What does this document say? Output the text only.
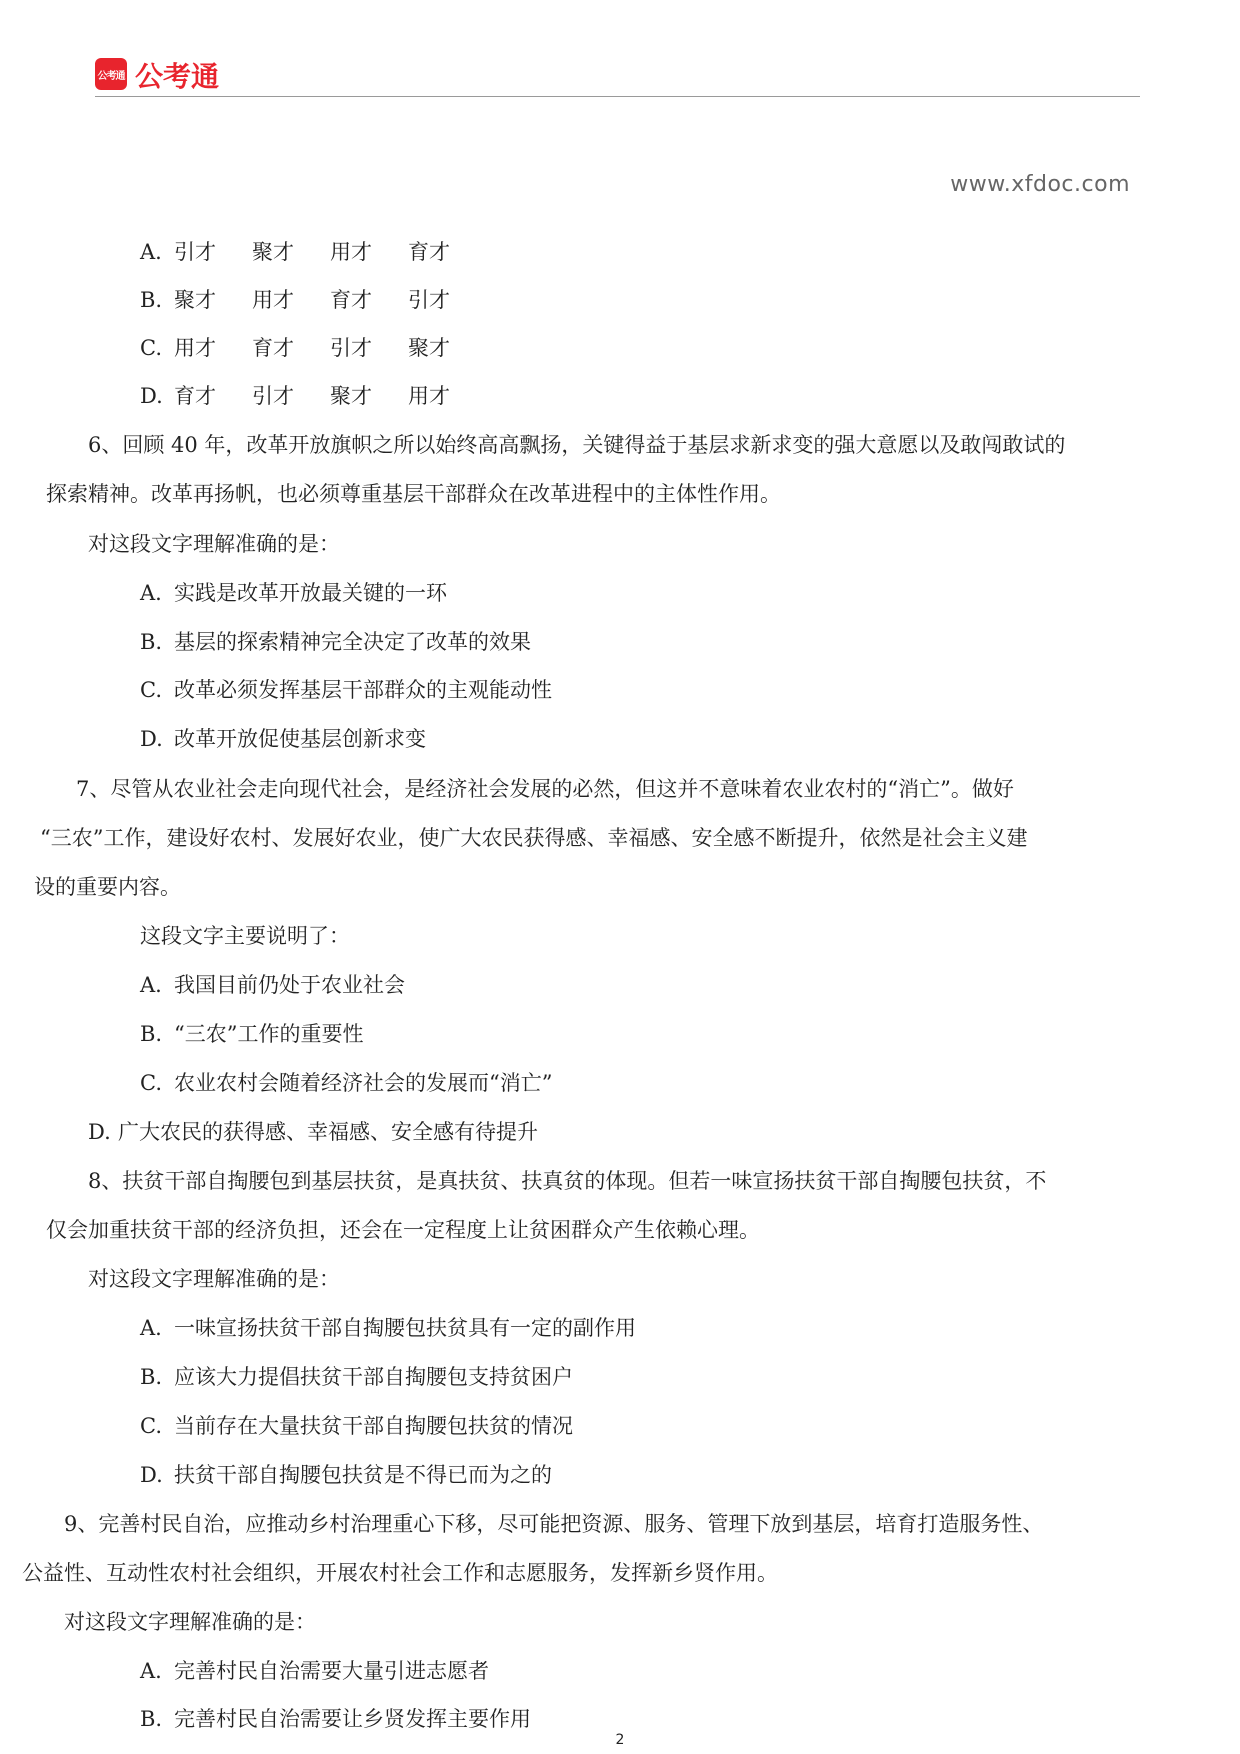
公考通 公考通
www.xfdoc.com
A. 引才 聚才 用才 育才
B. 聚才 用才 育才 引才
C. 用才 育才 引才 聚才
D. 育才 引才 聚才 用才
6、回顾 40 年，改革开放旗帜之所以始终高高飘扬，关键得益于基层求新求变的强大意愿以及敢闯敢试的
探索精神。改革再扬帆，也必须尊重基层干部群众在改革进程中的主体性作用。
对这段文字理解准确的是：
A. 实践是改革开放最关键的一环
B. 基层的探索精神完全决定了改革的效果
C. 改革必须发挥基层干部群众的主观能动性
D. 改革开放促使基层创新求变
7、尽管从农业社会走向现代社会，是经济社会发展的必然，但这并不意味着农业农村的“消亡”。做好
“三农”工作，建设好农村、发展好农业，使广大农民获得感、幸福感、安全感不断提升，依然是社会主义建
设的重要内容。
这段文字主要说明了：
A. 我国目前仍处于农业社会
B. “三农”工作的重要性
C. 农业农村会随着经济社会的发展而“消亡”
D. 广大农民的获得感、幸福感、安全感有待提升
8、扶贫干部自掏腰包到基层扶贫，是真扶贫、扶真贫的体现。但若一味宣扬扶贫干部自掏腰包扶贫，不
仅会加重扶贫干部的经济负担，还会在一定程度上让贫困群众产生依赖心理。
对这段文字理解准确的是：
A. 一味宣扬扶贫干部自掏腰包扶贫具有一定的副作用
B. 应该大力提倡扶贫干部自掏腰包支持贫困户
C. 当前存在大量扶贫干部自掏腰包扶贫的情况
D. 扶贫干部自掏腰包扶贫是不得已而为之的
9、完善村民自治，应推动乡村治理重心下移，尽可能把资源、服务、管理下放到基层，培育打造服务性、
公益性、互动性农村社会组织，开展农村社会工作和志愿服务，发挥新乡贤作用。
对这段文字理解准确的是：
A. 完善村民自治需要大量引进志愿者
B. 完善村民自治需要让乡贤发挥主要作用
2
